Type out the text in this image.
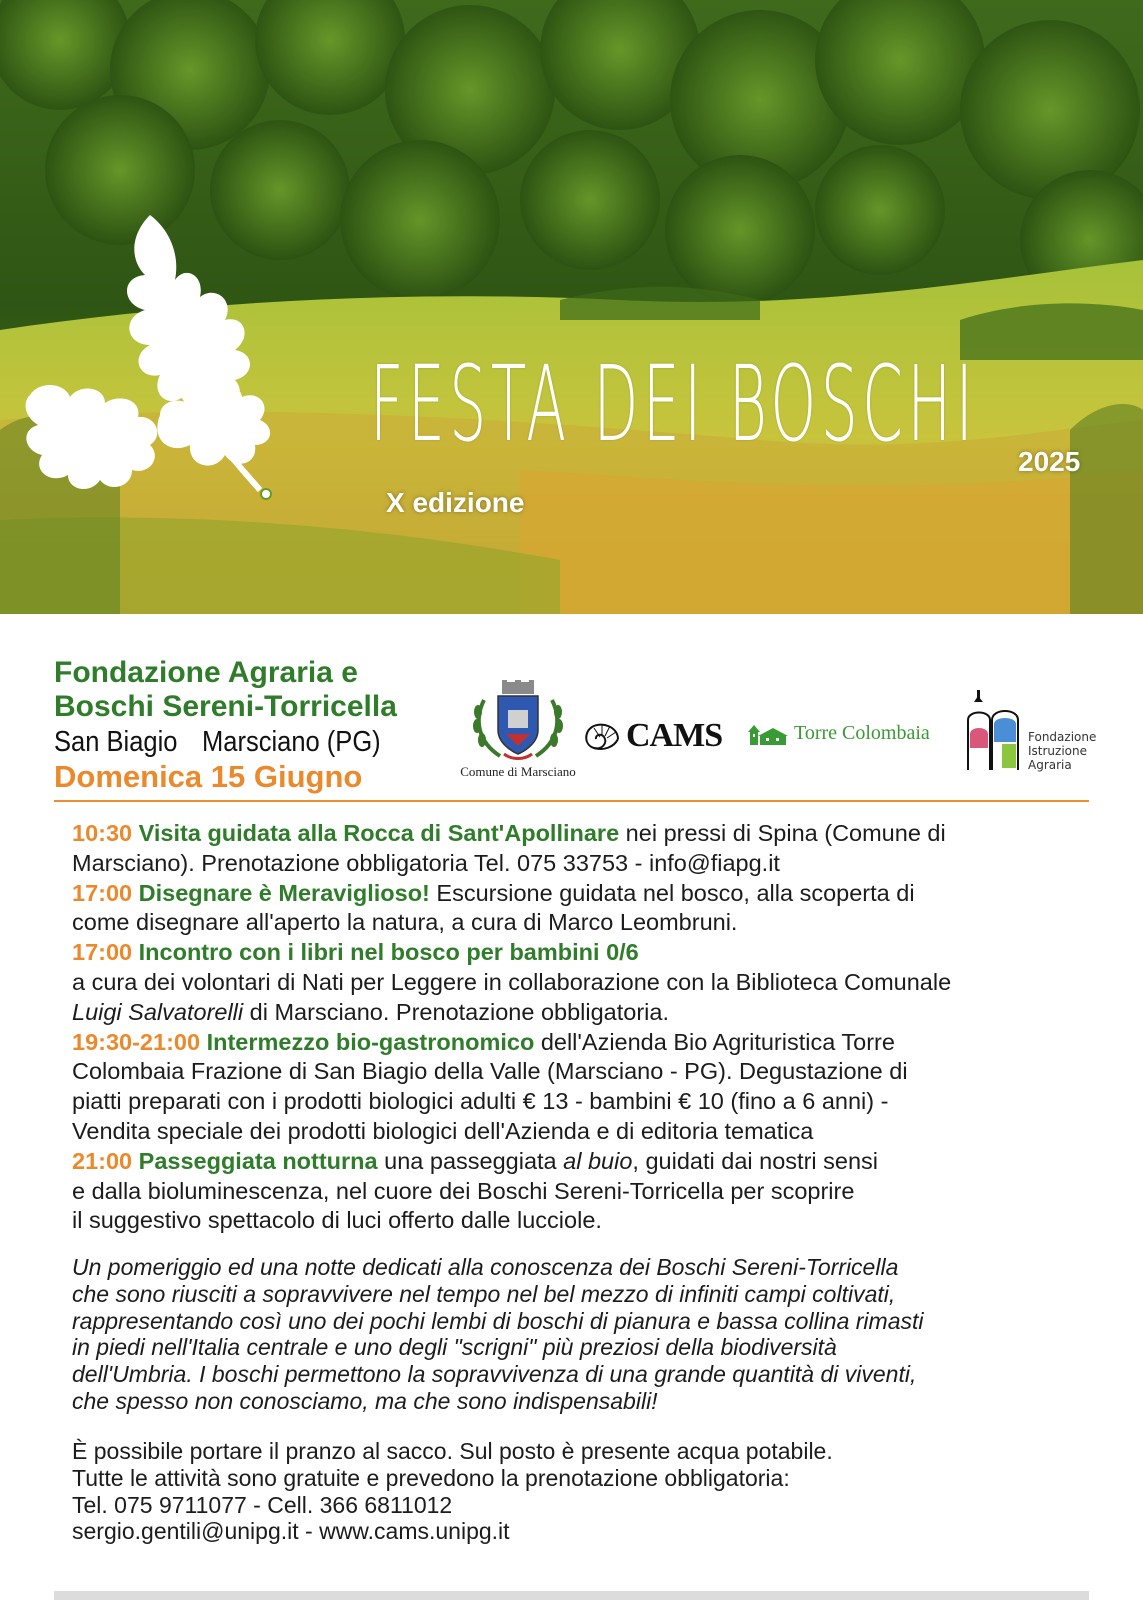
FESTA DEI BOSCHI 2025
X edizione
Fondazione Agraria e
Boschi Sereni-Torricella
San Biagio Marsciano (PG)
Domenica 15 Giugno	Comune di Marsciano
CAMS	Torre Colombaia	Fondazione
Istruzione
Agraria

10:30 Visita guidata alla Rocca di Sant'Apollinare nei pressi di Spina (Comune di

Marsciano). Prenotazione obbligatoria Tel. 075 33753 - info@fiapg.it

17:00 Disegnare è Meraviglioso! Escursione guidata nel bosco, alla scoperta di

come disegnare all'aperto la natura, a cura di Marco Leombruni.

17:00 Incontro con i libri nel bosco per bambini 0/6

a cura dei volontari di Nati per Leggere in collaborazione con la Biblioteca Comunale

Luigi Salvatorelli di Marsciano. Prenotazione obbligatoria.

19:30-21:00 Intermezzo bio-gastronomico dell'Azienda Bio Agrituristica Torre

Colombaia Frazione di San Biagio della Valle (Marsciano - PG). Degustazione di

piatti preparati con i prodotti biologici adulti € 13 - bambini € 10 (fino a 6 anni) -

Vendita speciale dei prodotti biologici dell'Azienda e di editoria tematica

21:00 Passeggiata notturna una passeggiata al buio, guidati dai nostri sensi

e dalla bioluminescenza, nel cuore dei Boschi Sereni-Torricella per scoprire

il suggestivo spettacolo di luci offerto dalle lucciole.

Un pomeriggio ed una notte dedicati alla conoscenza dei Boschi Sereni-Torricella

che sono riusciti a sopravvivere nel tempo nel bel mezzo di infiniti campi coltivati,

rappresentando così uno dei pochi lembi di boschi di pianura e bassa collina rimasti

in piedi nell'Italia centrale e uno degli "scrigni" più preziosi della biodiversità

dell'Umbria. I boschi permettono la sopravvivenza di una grande quantità di viventi,

che spesso non conosciamo, ma che sono indispensabili!

È possibile portare il pranzo al sacco. Sul posto è presente acqua potabile.

Tutte le attività sono gratuite e prevedono la prenotazione obbligatoria:

Tel. 075 9711077 - Cell. 366 6811012

sergio.gentili@unipg.it - www.cams.unipg.it
